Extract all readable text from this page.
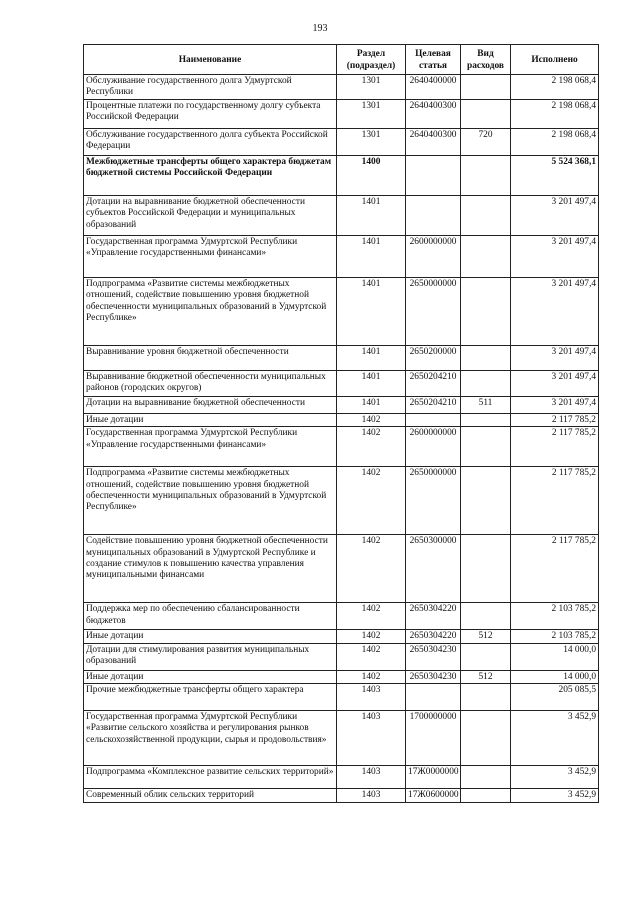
193
Наименование	Раздел (подраздел)	Целевая статья	Вид расходов	Исполнено
Обслуживание государственного долга Удмуртской Республики	1301	2640400000		2 198 068,4
Процентные платежи по государственному долгу субъекта Российской Федерации	1301	2640400300		2 198 068,4
Обслуживание государственного долга субъекта Российской Федерации	1301	2640400300	720	2 198 068,4
Межбюджетные трансферты общего характера бюджетам бюджетной системы Российской Федерации	1400			5 524 368,1
Дотации на выравнивание бюджетной обеспеченности субъектов Российской Федерации и муниципальных образований	1401			3 201 497,4
Государственная программа Удмуртской Республики «Управление государственными финансами»	1401	2600000000		3 201 497,4
Подпрограмма «Развитие системы межбюджетных отношений, содействие повышению уровня бюджетной обеспеченности муниципальных образований в Удмуртской Республике»	1401	2650000000		3 201 497,4
Выравнивание уровня бюджетной обеспеченности	1401	2650200000		3 201 497,4
Выравнивание бюджетной обеспеченности муниципальных районов (городских округов)	1401	2650204210		3 201 497,4
Дотации на выравнивание бюджетной обеспеченности	1401	2650204210	511	3 201 497,4
Иные дотации	1402			2 117 785,2
Государственная программа Удмуртской Республики «Управление государственными финансами»	1402	2600000000		2 117 785,2
Подпрограмма «Развитие системы межбюджетных отношений, содействие повышению уровня бюджетной обеспеченности муниципальных образований в Удмуртской Республике»	1402	2650000000		2 117 785,2
Содействие повышению уровня бюджетной обеспеченности муниципальных образований в Удмуртской Республике и создание стимулов к повышению качества управления муниципальными финансами	1402	2650300000		2 117 785,2
Поддержка мер по обеспечению сбалансированности бюджетов	1402	2650304220		2 103 785,2
Иные дотации	1402	2650304220	512	2 103 785,2
Дотации для стимулирования развития муниципальных образований	1402	2650304230		14 000,0
Иные дотации	1402	2650304230	512	14 000,0
Прочие межбюджетные трансферты общего характера	1403			205 085,5
Государственная программа Удмуртской Республики «Развитие сельского хозяйства и регулирования рынков сельскохозяйственной продукции, сырья и продовольствия»	1403	1700000000		3 452,9
Подпрограмма «Комплексное развитие сельских территорий»	1403	17Ж0000000		3 452,9
Современный облик сельских территорий	1403	17Ж0600000		3 452,9
